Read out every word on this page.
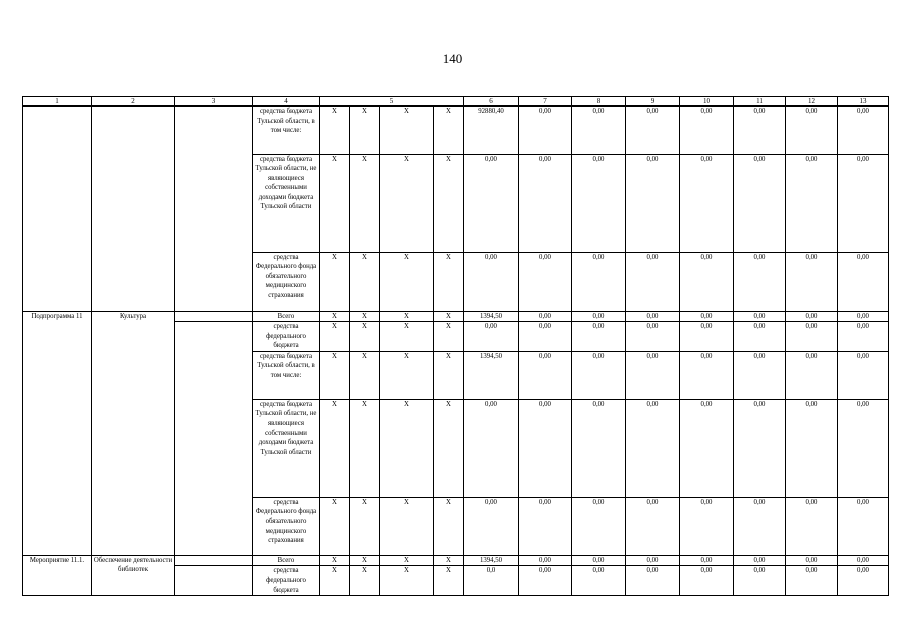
140
1	2	3	4	5				6	7	8	9	10	11	12	13
			средства бюджета Тульской области, в том числе:	Х	Х	Х	Х	92880,40	0,00	0,00	0,00	0,00	0,00	0,00	0,00
			средства бюджета Тульской области, не являющиеся собственными доходами бюджета Тульской области	Х	Х	Х	Х	0,00	0,00	0,00	0,00	0,00	0,00	0,00	0,00
			средства Федерального фонда обязательного медицинского страхования	Х	Х	Х	Х	0,00	0,00	0,00	0,00	0,00	0,00	0,00	0,00
Подпрограмма 11	Культура		Всего	Х	Х	Х	Х	1394,50	0,00	0,00	0,00	0,00	0,00	0,00	0,00
			средства федерального бюджета	Х	Х	Х	Х	0,00	0,00	0,00	0,00	0,00	0,00	0,00	0,00
			средства бюджета Тульской области, в том числе:	Х	Х	Х	Х	1394,50	0,00	0,00	0,00	0,00	0,00	0,00	0,00
			средства бюджета Тульской области, не являющиеся собственными доходами бюджета Тульской области	Х	Х	Х	Х	0,00	0,00	0,00	0,00	0,00	0,00	0,00	0,00
			средства Федерального фонда обязательного медицинского страхования	Х	Х	Х	Х	0,00	0,00	0,00	0,00	0,00	0,00	0,00	0,00
Мероприятие 11.1.	Обеспечение деятельности библиотек		Всего	Х	Х	Х	Х	1394,50	0,00	0,00	0,00	0,00	0,00	0,00	0,00
			средства федерального бюджета	Х	Х	Х	Х	0,0	0,00	0,00	0,00	0,00	0,00	0,00	0,00
